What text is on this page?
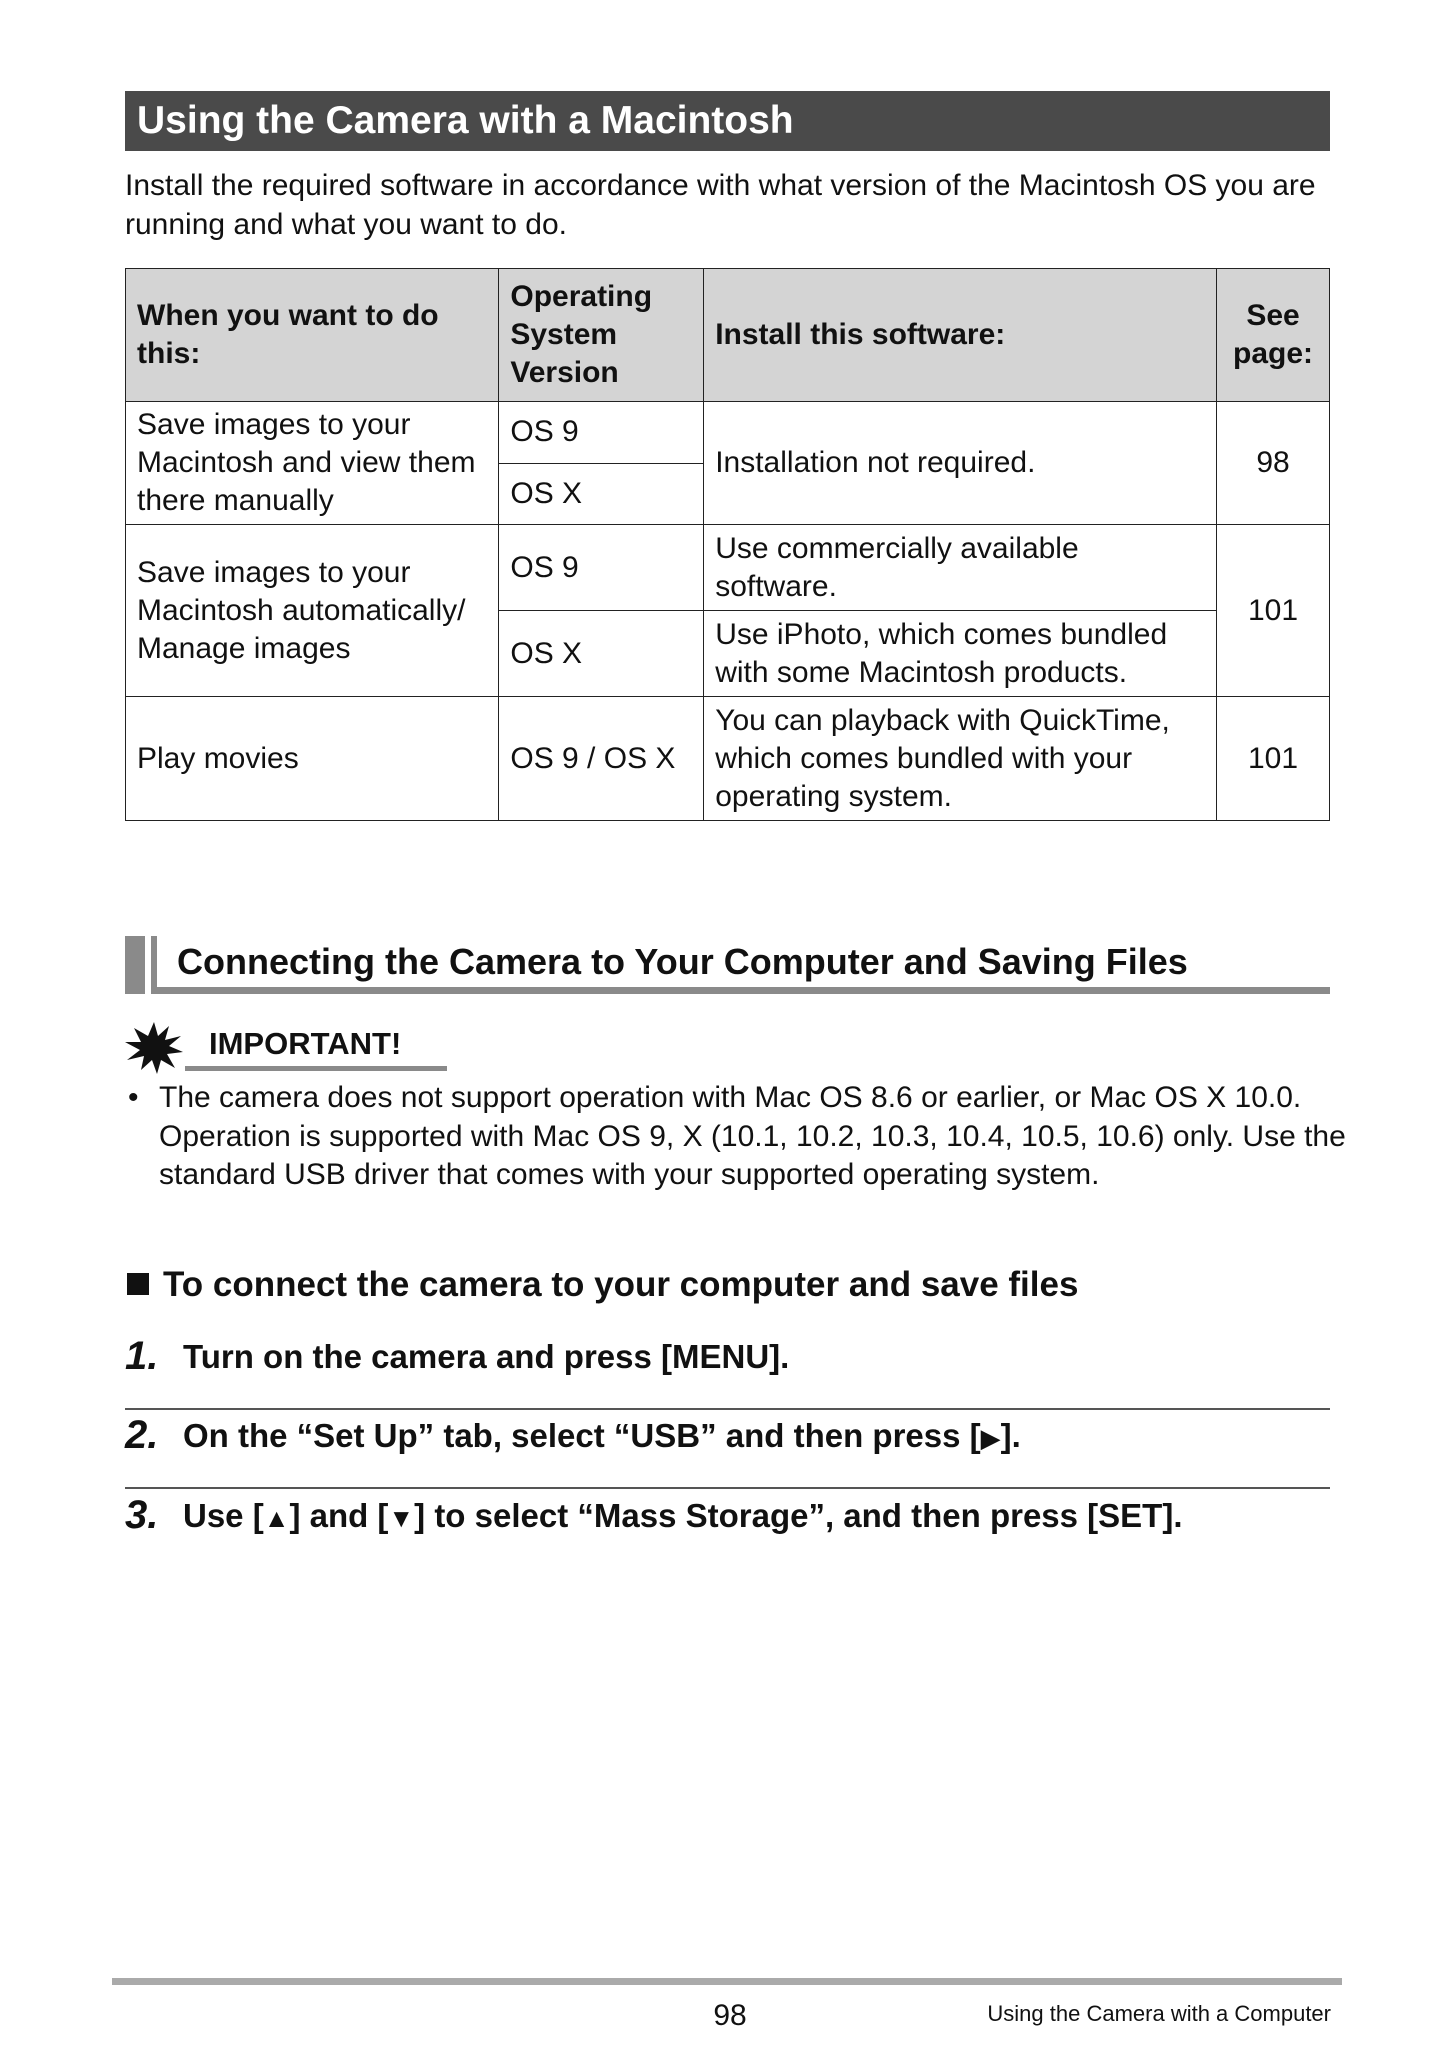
Using the Camera with a Macintosh
Install the required software in accordance with what version of the Macintosh OS you are running and what you want to do.
When you want to do this:	Operating System Version	Install this software:	See page:
Save images to your Macintosh and view them there manually	OS 9	Installation not required.	98
	OS X		
Save images to your Macintosh automatically/ Manage images	OS 9	Use commercially available software.	101
	OS X	Use iPhoto, which comes bundled with some Macintosh products.	
Play movies	OS 9 / OS X	You can playback with QuickTime, which comes bundled with your operating system.	101
Connecting the Camera to Your Computer and Saving Files
IMPORTANT!
• The camera does not support operation with Mac OS 8.6 or earlier, or Mac OS X 10.0. Operation is supported with Mac OS 9, X (10.1, 10.2, 10.3, 10.4, 10.5, 10.6) only. Use the standard USB driver that comes with your supported operating system.
To connect the camera to your computer and save files
1. Turn on the camera and press [MENU].
2. On the “Set Up” tab, select “USB” and then press [▶].
3. Use [▲] and [▼] to select “Mass Storage”, and then press [SET].
98	Using the Camera with a Computer
